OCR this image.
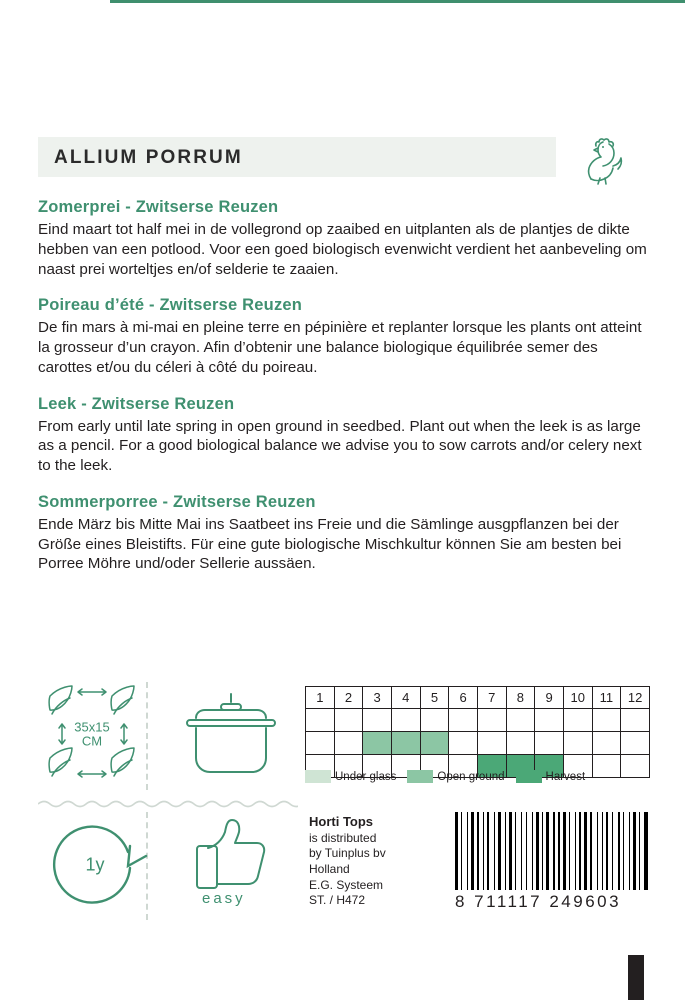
ALLIUM PORRUM
Zomerprei - Zwitserse Reuzen

Eind maart tot half mei in de vollegrond op zaaibed en uitplanten als de plantjes de dikte hebben van een potlood. Voor een goed biologisch evenwicht verdient het aanbeveling om naast prei worteltjes en/of selderie te zaaien.

Poireau d’été - Zwitserse Reuzen

De fin mars à mi-mai en pleine terre en pépinière et replanter lorsque les plants ont atteint la grosseur d’un crayon. Afin d’obtenir une balance biologique équilibrée semer des carottes et/ou du céleri à côté du poireau.

Leek - Zwitserse Reuzen

From early until late spring in open ground in seedbed. Plant out when the leek is as large as a pencil. For a good biological balance we advise you to sow carrots and/or celery next to the leek.

Sommerporree - Zwitserse Reuzen

Ende März bis Mitte Mai ins Saatbeet ins Freie und die Sämlinge ausgpflanzen bei der Größe eines Bleistifts. Für eine gute biologische Mischkultur können Sie am besten bei Porree Möhre und/oder Sellerie aussäen.

35x15
CM
1y
easy
1	2	3	4	5	6	7	8	9	10	11	12

Under glass	Open ground	Harvest
Horti Tops
is distributed
by Tuinplus bv
Holland
E.G. Systeem
ST. / H472	8 711117 249603
